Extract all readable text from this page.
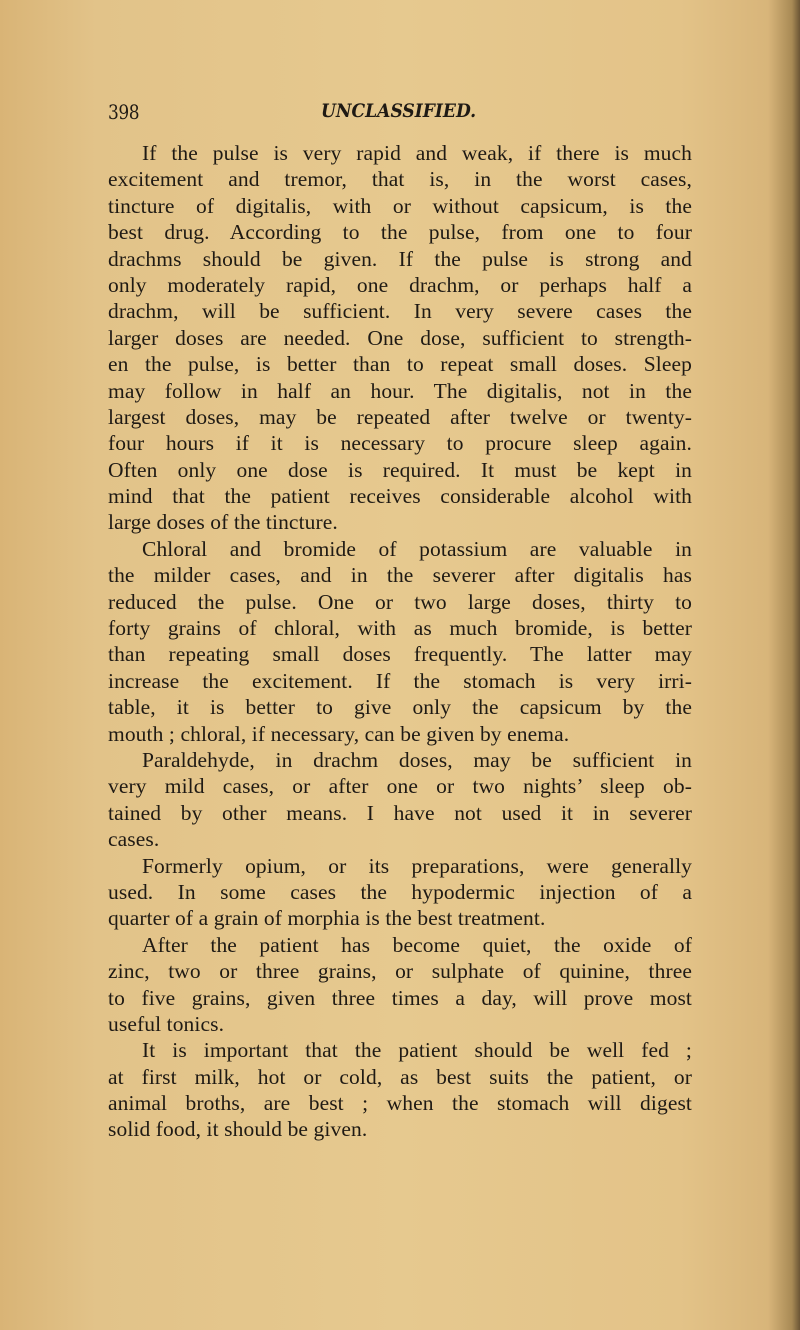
398	UNCLASSIFIED.
If the pulse is very rapid and weak, if there is much
excitement and tremor, that is, in the worst cases,
tincture of digitalis, with or without capsicum, is the
best drug. According to the pulse, from one to four
drachms should be given. If the pulse is strong and
only moderately rapid, one drachm, or perhaps half a
drachm, will be sufficient. In very severe cases the
larger doses are needed. One dose, sufficient to strength-
en the pulse, is better than to repeat small doses. Sleep
may follow in half an hour. The digitalis, not in the
largest doses, may be repeated after twelve or twenty-
four hours if it is necessary to procure sleep again.
Often only one dose is required. It must be kept in
mind that the patient receives considerable alcohol with
large doses of the tincture.
Chloral and bromide of potassium are valuable in
the milder cases, and in the severer after digitalis has
reduced the pulse. One or two large doses, thirty to
forty grains of chloral, with as much bromide, is better
than repeating small doses frequently. The latter may
increase the excitement. If the stomach is very irri-
table, it is better to give only the capsicum by the
mouth ; chloral, if necessary, can be given by enema.
Paraldehyde, in drachm doses, may be sufficient in
very mild cases, or after one or two nights’ sleep ob-
tained by other means. I have not used it in severer
cases.
Formerly opium, or its preparations, were generally
used. In some cases the hypodermic injection of a
quarter of a grain of morphia is the best treatment.
After the patient has become quiet, the oxide of
zinc, two or three grains, or sulphate of quinine, three
to five grains, given three times a day, will prove most
useful tonics.
It is important that the patient should be well fed ;
at first milk, hot or cold, as best suits the patient, or
animal broths, are best ; when the stomach will digest
solid food, it should be given.
